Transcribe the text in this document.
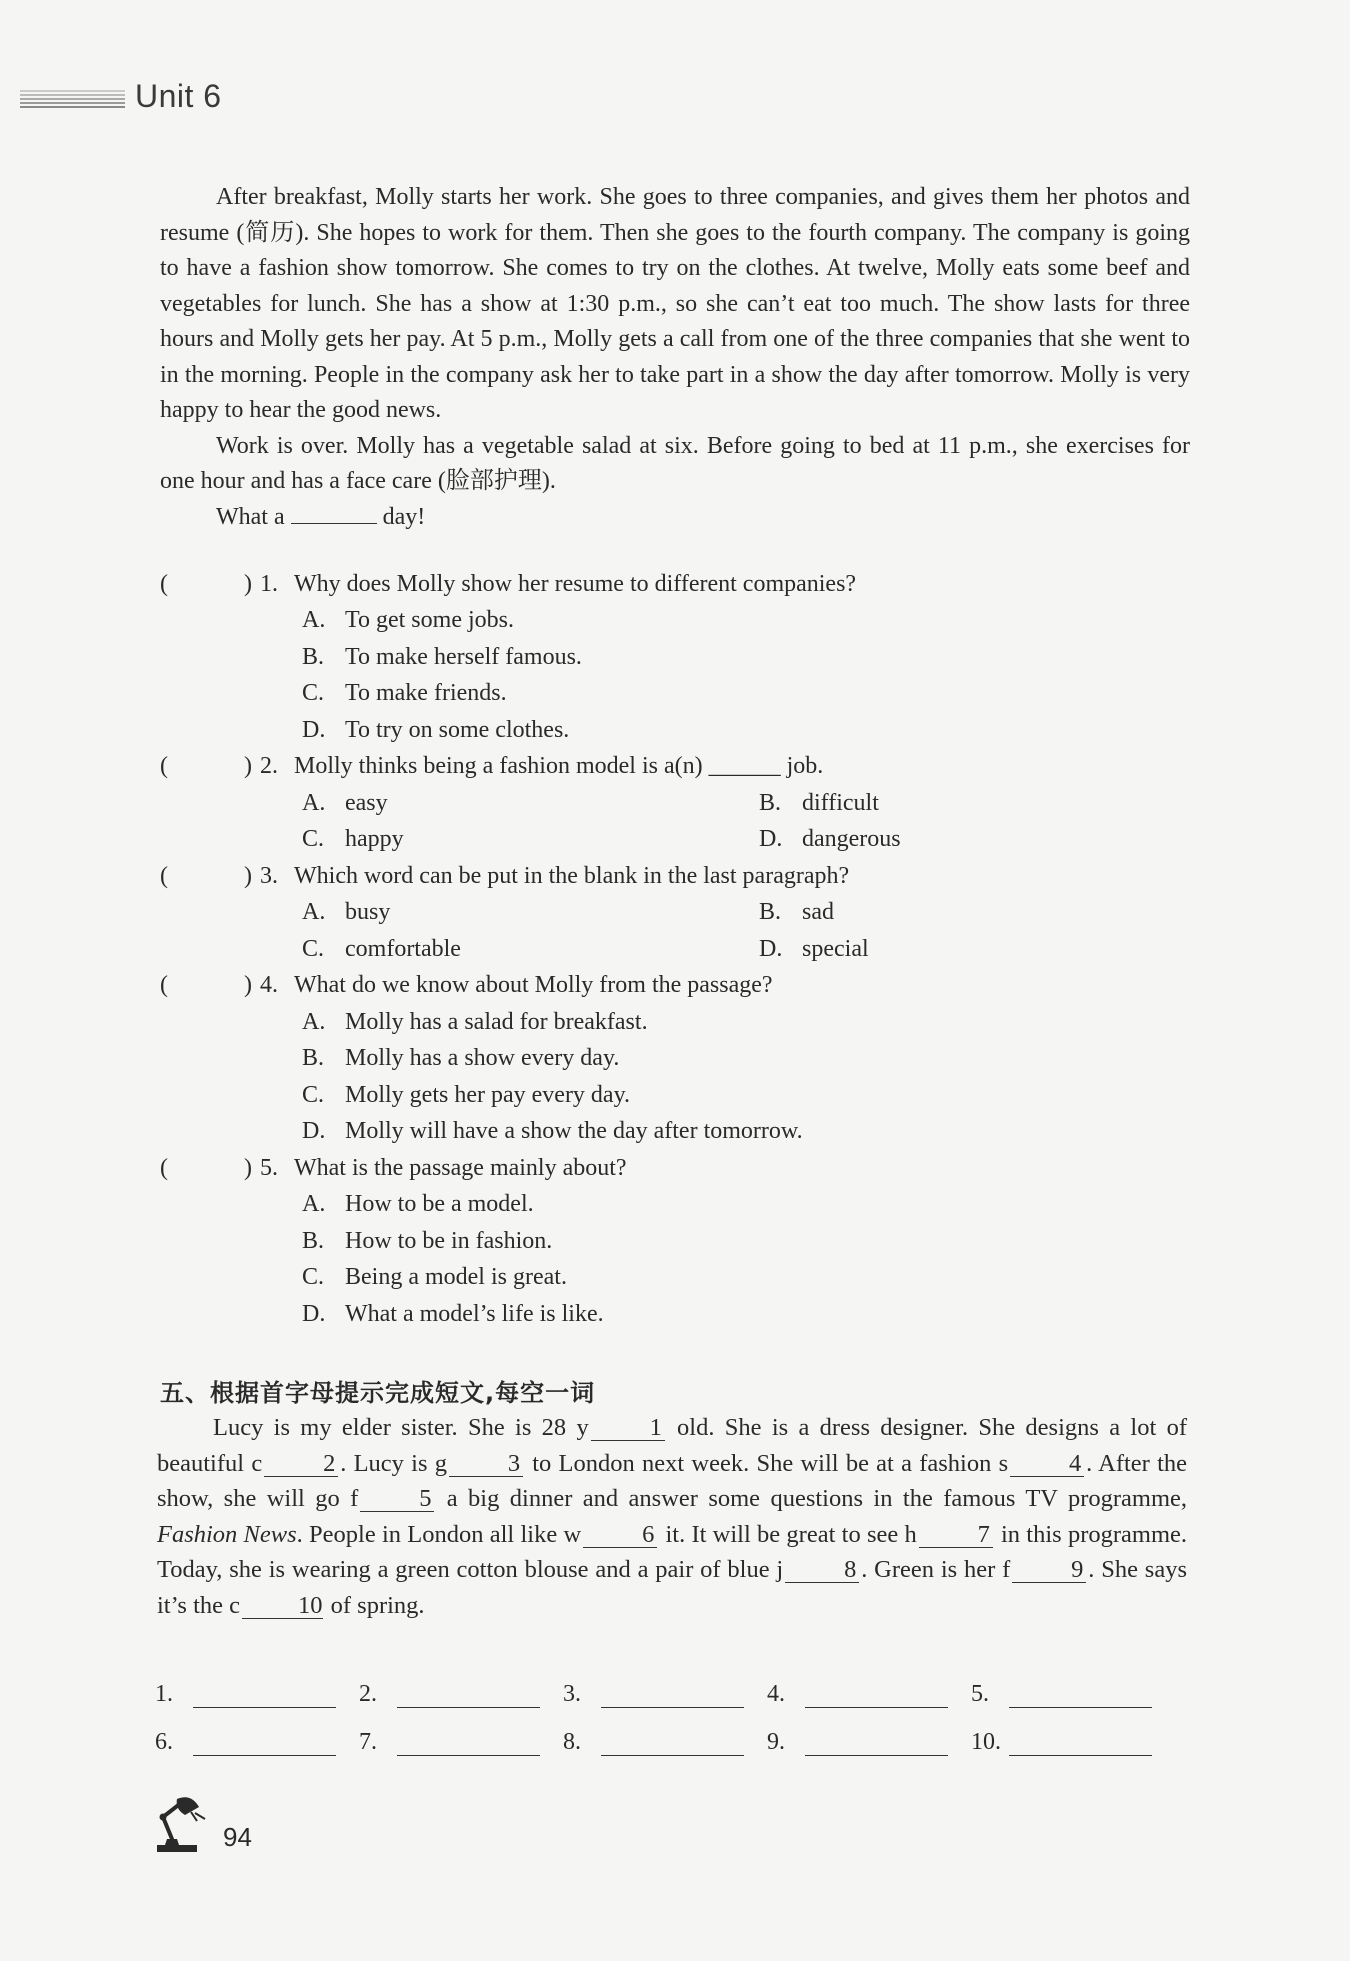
Unit 6

After breakfast, Molly starts her work. She goes to three companies, and gives them her photos and resume (简历). She hopes to work for them. Then she goes to the fourth company. The company is going to have a fashion show tomorrow. She comes to try on the clothes. At twelve, Molly eats some beef and vegetables for lunch. She has a show at 1:30 p.m., so she can’t eat too much. The show lasts for three hours and Molly gets her pay. At 5 p.m., Molly gets a call from one of the three companies that she went to in the morning. People in the company ask her to take part in a show the day after tomorrow. Molly is very happy to hear the good news.

Work is over. Molly has a vegetable salad at six. Before going to bed at 11 p.m., she exercises for one hour and has a face care (脸部护理).

What a	day!

(	) 1. Why does Molly show her resume to different companies?
A. To get some jobs.
B. To make herself famous.
C. To make friends.
D. To try on some clothes.
(	) 2. Molly thinks being a fashion model is a(n) ______ job.
A. easy	B. difficult
C. happy	D. dangerous
(	) 3. Which word can be put in the blank in the last paragraph?
A. busy	B. sad
C. comfortable	D. special
(	) 4. What do we know about Molly from the passage?
A. Molly has a salad for breakfast.
B. Molly has a show every day.
C. Molly gets her pay every day.
D. Molly will have a show the day after tomorrow.
(	) 5. What is the passage mainly about?
A. How to be a model.
B. How to be in fashion.
C. Being a model is great.
D. What a model’s life is like.
五、根据首字母提示完成短文,每空一词

Lucy is my elder sister. She is 28 y 1 old. She is a dress designer. She designs a lot of beautiful c 2 . Lucy is g 3 to London next week. She will be at a fashion s 4 . After the show, she will go f 5 a big dinner and answer some questions in the famous TV programme, Fashion News. People in London all like w 6 it. It will be great to see h 7 in this programme. Today, she is wearing a green cotton blouse and a pair of blue j 8 . Green is her f 9 . She says it’s the c 10 of spring.

1.	2.	3.	4.	5.
6.	7.	8.	9.	10.
94
